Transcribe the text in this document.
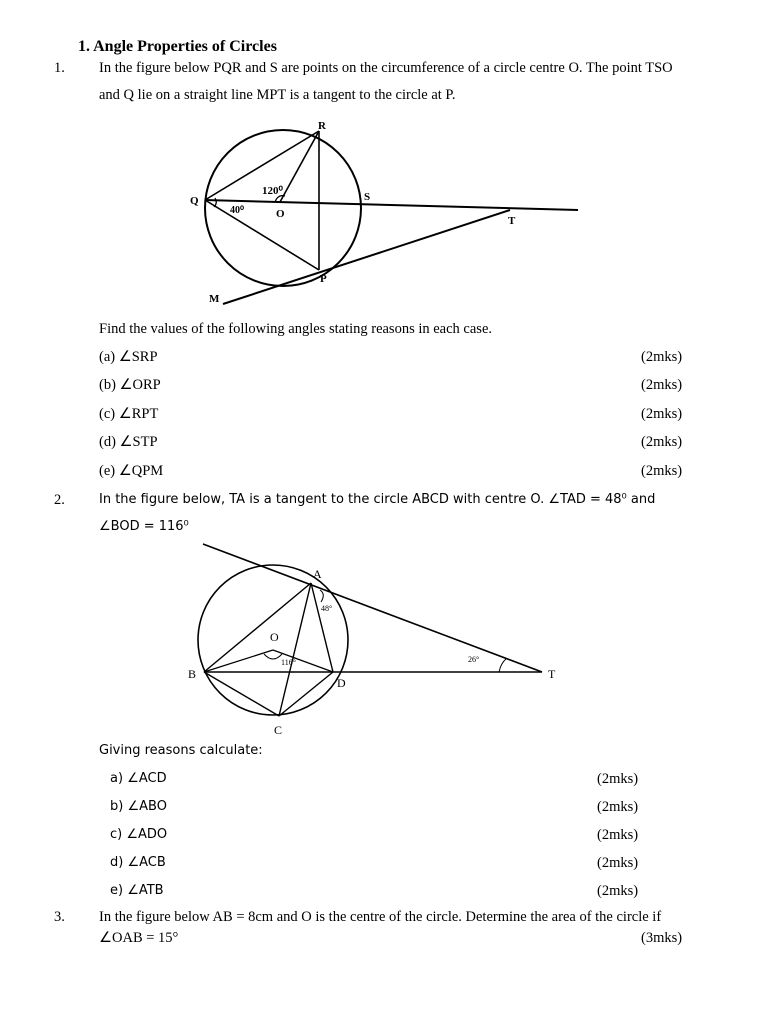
1. Angle Properties of Circles
1. In the figure below PQR and S are points on the circumference of a circle centre O. The point TSO
and Q lie on a straight line MPT is a tangent to the circle at P.
R
Q
O
S
T
P
M
120⁰
40⁰
Find the values of the following angles stating reasons in each case.
(a) ∠SRP	(2mks)
(b) ∠ORP	(2mks)
(c) ∠RPT	(2mks)
(d) ∠STP	(2mks)
(e) ∠QPM	(2mks)
2.	In the figure below, TA is a tangent to the circle ABCD with centre O. ∠TAD = 48⁰ and
∠BOD = 116⁰
A
O
B
C
D
T
48°
116°	26°
Giving reasons calculate:
a) ∠ACD	(2mks)
b) ∠ABO	(2mks)
c) ∠ADO	(2mks)
d) ∠ACB	(2mks)
e) ∠ATB	(2mks)
3. In the figure below AB = 8cm and O is the centre of the circle. Determine the area of the circle if
∠OAB = 15°	(3mks)
